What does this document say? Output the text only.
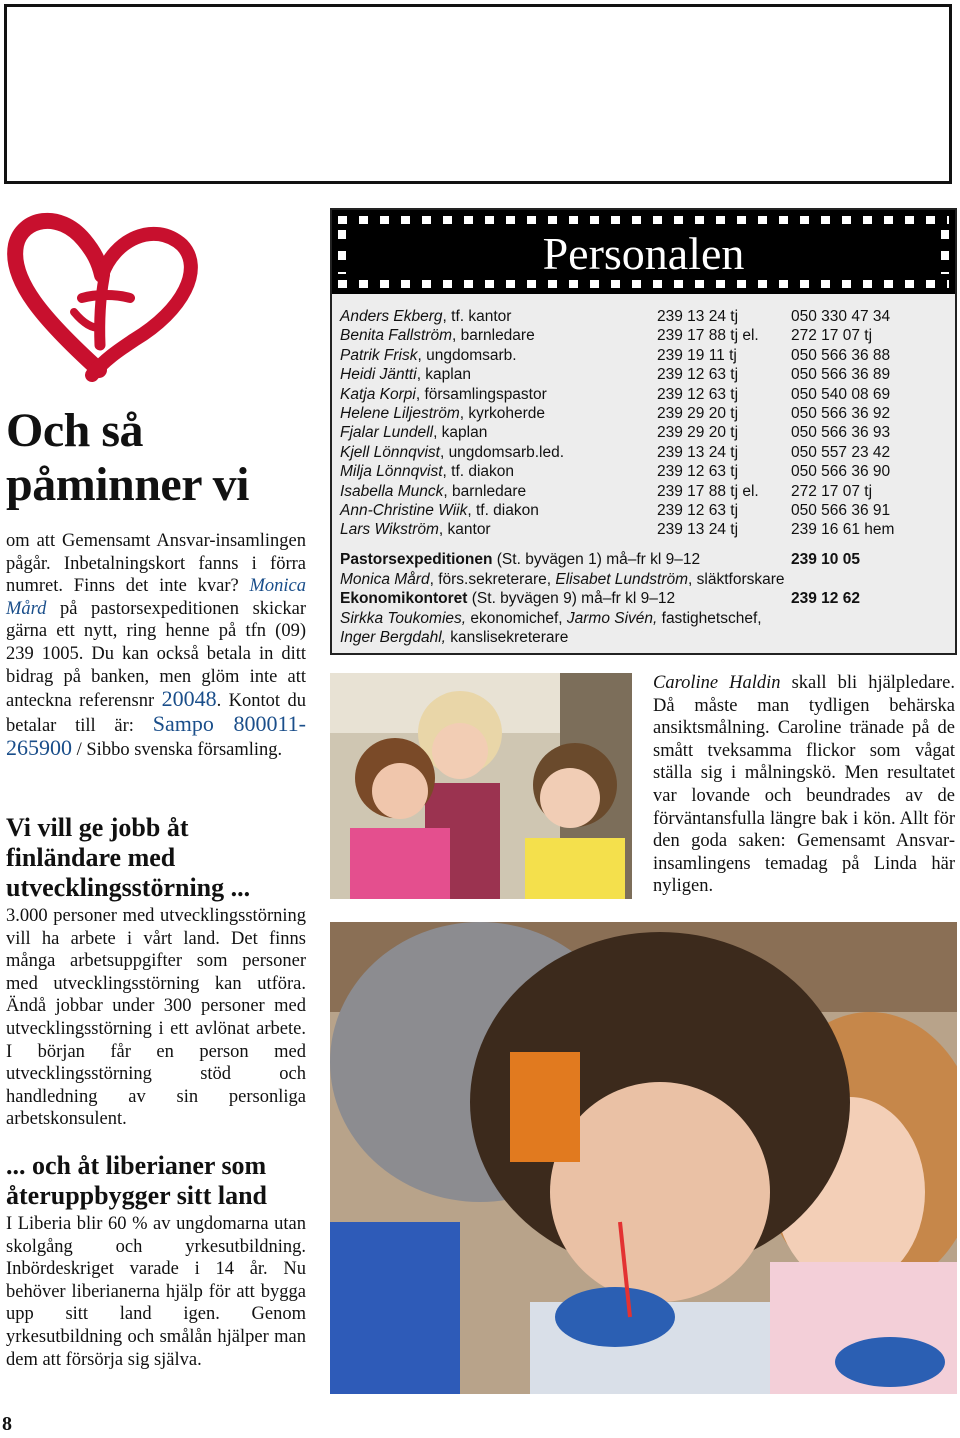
Och så
påminner vi

om att Gemensamt Ansvar-insamlingen pågår. Inbetalningskort fanns i förra numret. Finns det inte kvar? Monica Mård på pastorsexpeditionen skickar gärna ett nytt, ring henne på tfn (09) 239 1005. Du kan också betala in ditt bidrag på banken, men glöm inte att anteckna referensnr 20048. Kontot du betalar till är: Sampo 800011-265900 / Sibbo svenska församling.

Vi vill ge jobb åt finländare med utvecklingsstörning ...

3.000 personer med utvecklingsstörning vill ha arbete i vårt land. Det finns många arbetsuppgifter som personer med utvecklingsstörning kan utföra. Ändå jobbar under 300 personer med utvecklingsstörning i ett avlönat arbete. I början får en person med utvecklingsstörning stöd och handledning av sin personliga arbetskonsulent.

... och åt liberianer som återuppbygger sitt land

I Liberia blir 60 % av ungdomarna utan skolgång och yrkesutbildning. Inbördeskriget varade i 14 år. Nu behöver liberianerna hjälp för att bygga upp sitt land igen. Genom yrkesutbildning och smålån hjälper man dem att försörja sig själva.

Personalen
Anders Ekberg, tf. kantor	239 13 24 tj	050 330 47 34
Benita Fallström, barnledare	239 17 88 tj el.	272 17 07 tj
Patrik Frisk, ungdomsarb.	239 19 11 tj	050 566 36 88
Heidi Jäntti, kaplan	239 12 63 tj	050 566 36 89
Katja Korpi, församlingspastor	239 12 63 tj	050 540 08 69
Helene Liljeström, kyrkoherde	239 29 20 tj	050 566 36 92
Fjalar Lundell, kaplan	239 29 20 tj	050 566 36 93
Kjell Lönnqvist, ungdomsarb.led.	239 13 24 tj	050 557 23 42
Milja Lönnqvist, tf. diakon	239 12 63 tj	050 566 36 90
Isabella Munck, barnledare	239 17 88 tj el.	272 17 07 tj
Ann-Christine Wiik, tf. diakon	239 12 63 tj	050 566 36 91
Lars Wikström, kantor	239 13 24 tj	239 16 61 hem
Pastorsexpeditionen (St. byvägen 1) må–fr kl 9–12	239 10 05
Monica Mård, förs.sekreterare, Elisabet Lundström, släktforskare
Ekonomikontoret (St. byvägen 9) må–fr kl 9–12	239 12 62
Sirkka Toukomies, ekonomichef, Jarmo Sivén, fastighetschef,
Inger Bergdahl, kanslisekreterare

Caroline Haldin skall bli hjälpledare. Då måste man tydligen behärska ansiktsmålning. Caroline tränade på de smått tveksamma flickor som vågat ställa sig i målningskö. Men resultatet var lovande och beundrades av de förväntansfulla längre bak i kön. Allt för den goda saken: Gemensamt Ansvar-insamlingens temadag på Linda här nyligen.

8
